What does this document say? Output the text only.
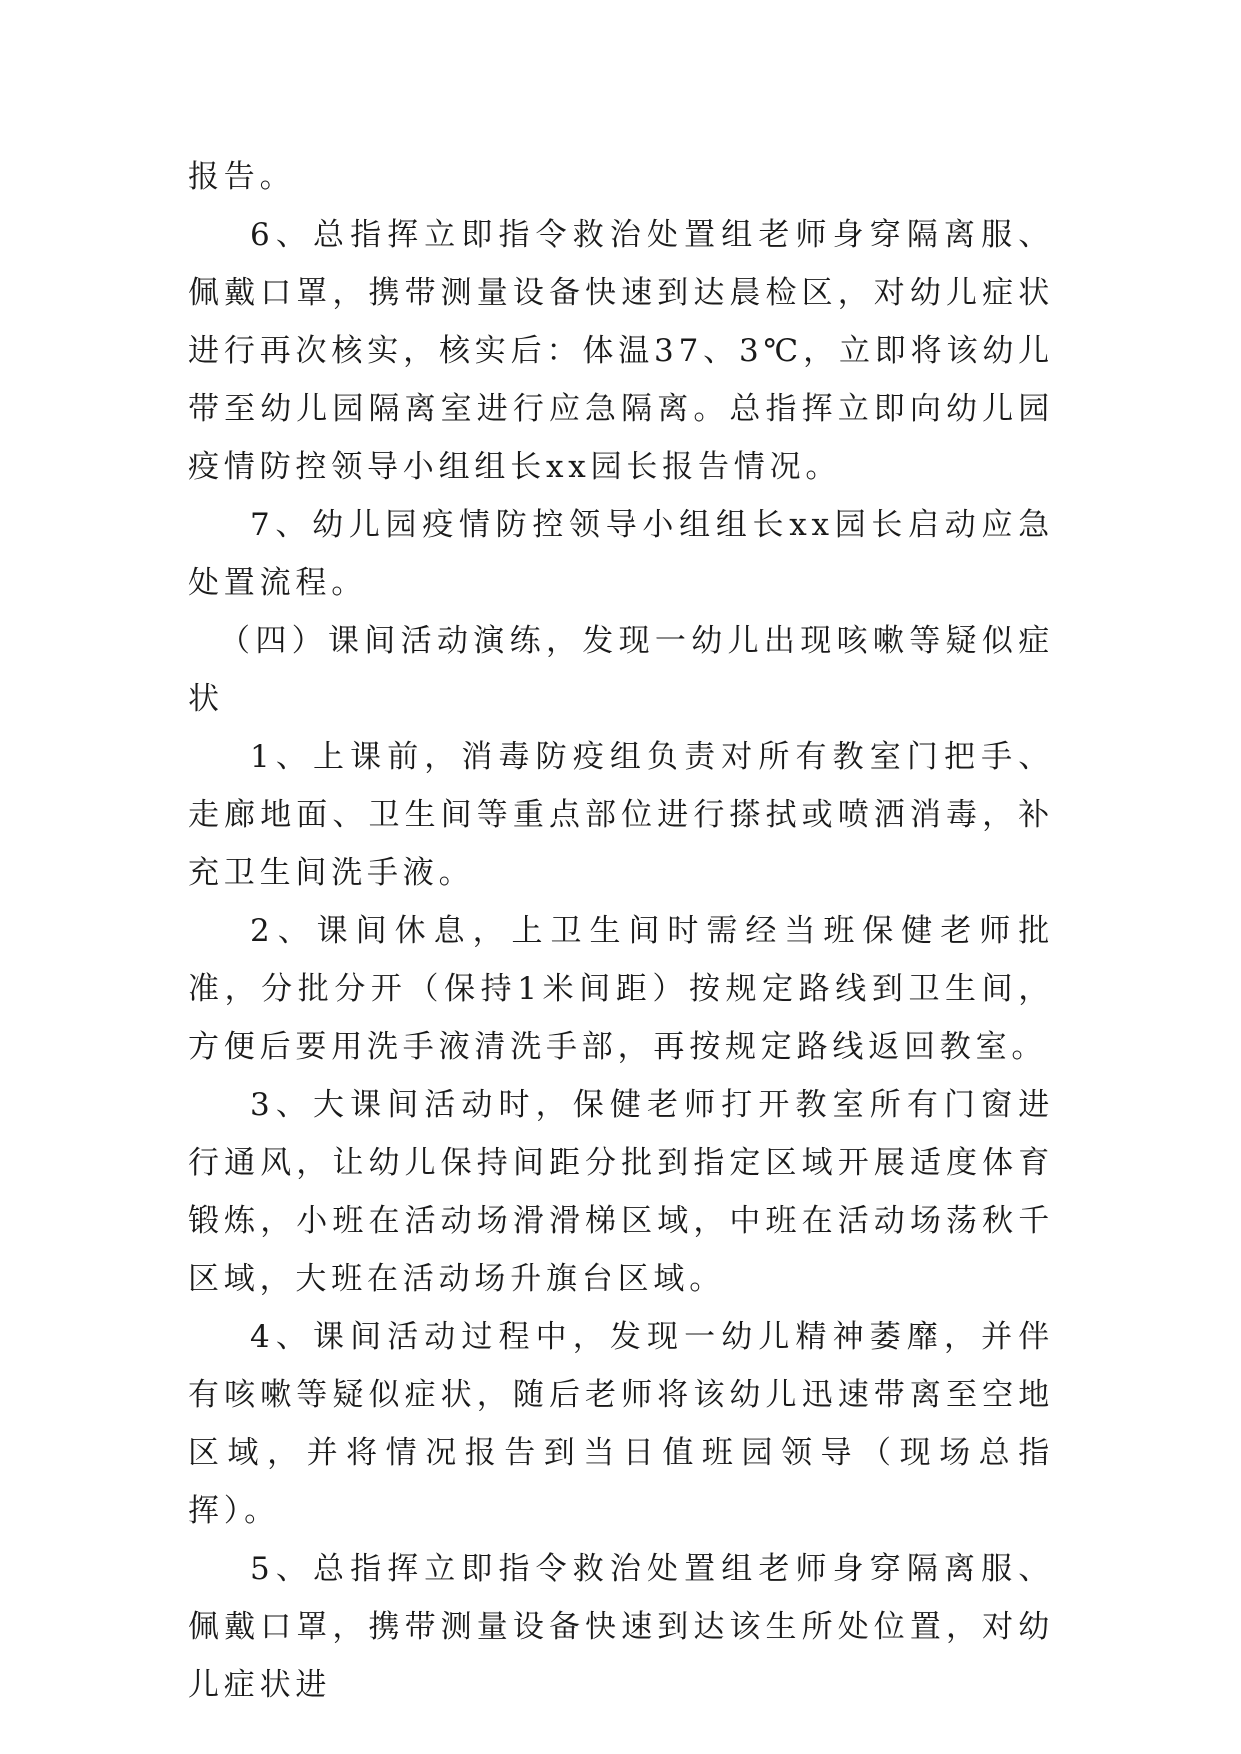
报告。

6、总指挥立即指令救治处置组老师身穿隔离服、佩戴口罩，携带测量设备快速到达晨检区，对幼儿症状进行再次核实，核实后：体温37、3℃，立即将该幼儿带至幼儿园隔离室进行应急隔离。总指挥立即向幼儿园疫情防控领导小组组长xx园长报告情况。

7、幼儿园疫情防控领导小组组长xx园长启动应急处置流程。

（四）课间活动演练，发现一幼儿出现咳嗽等疑似症状

1、上课前，消毒防疫组负责对所有教室门把手、走廊地面、卫生间等重点部位进行搽拭或喷洒消毒，补充卫生间洗手液。

2、课间休息，上卫生间时需经当班保健老师批准，分批分开（保持1米间距）按规定路线到卫生间，方便后要用洗手液清洗手部，再按规定路线返回教室。

3、大课间活动时，保健老师打开教室所有门窗进行通风，让幼儿保持间距分批到指定区域开展适度体育锻炼，小班在活动场滑滑梯区域，中班在活动场荡秋千区域，大班在活动场升旗台区域。

4、课间活动过程中，发现一幼儿精神萎靡，并伴有咳嗽等疑似症状，随后老师将该幼儿迅速带离至空地区域，并将情况报告到当日值班园领导（现场总指挥）。

5、总指挥立即指令救治处置组老师身穿隔离服、佩戴口罩，携带测量设备快速到达该生所处位置，对幼儿症状进
